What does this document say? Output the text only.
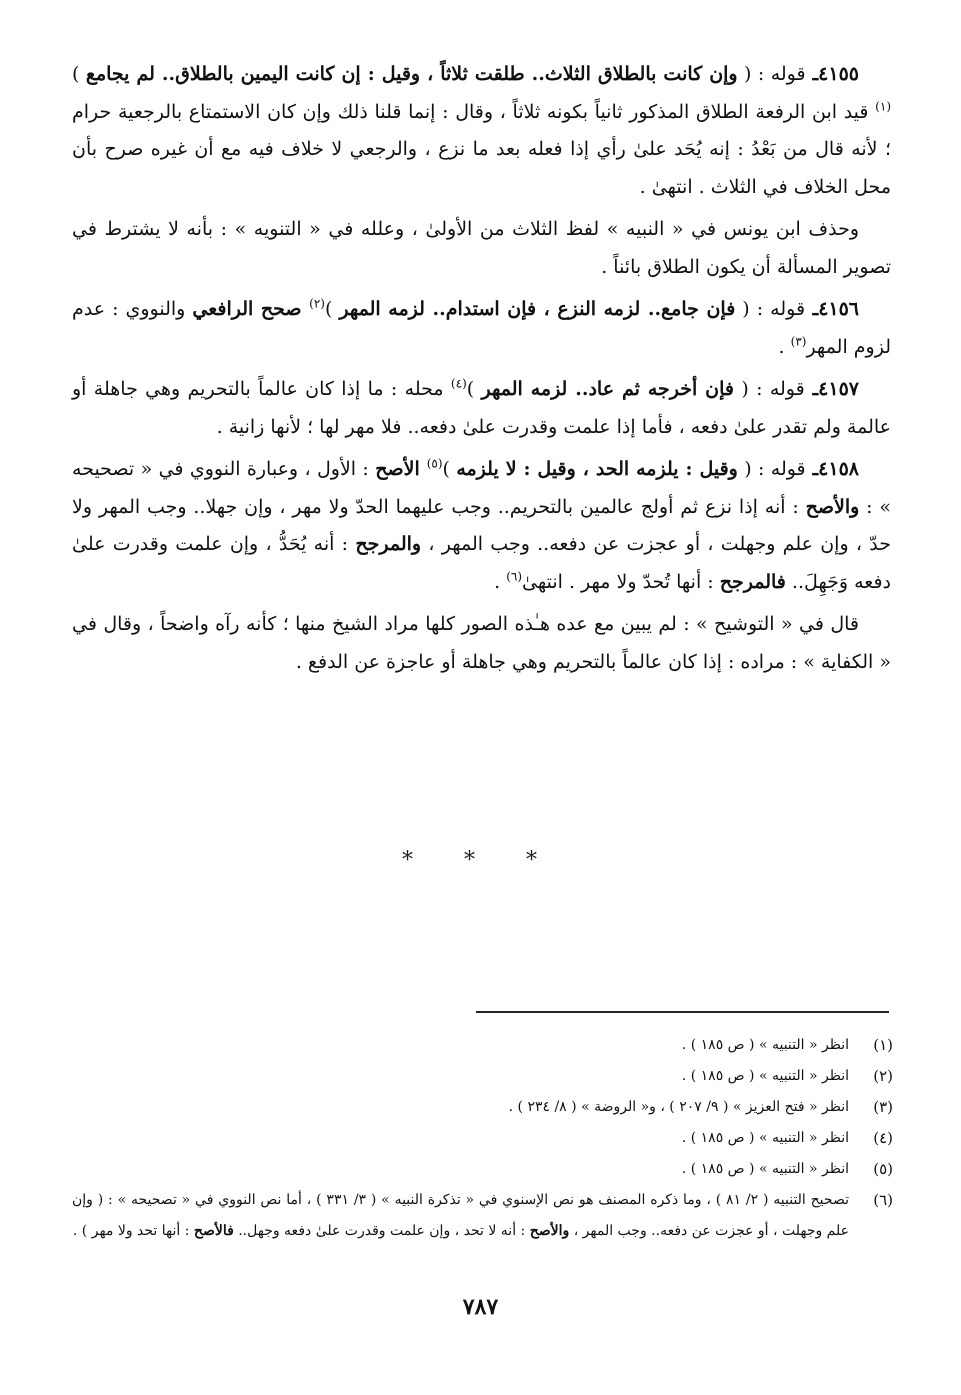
٤١٥٥ـ قوله : ( وإن كانت بالطلاق الثلاث.. طلقت ثلاثاً ، وقيل : إن كانت اليمين بالطلاق.. لم يجامع )$^{(١)}$ قيد ابن الرفعة الطلاق المذكور ثانياً بكونه ثلاثاً ، وقال : إنما قلنا ذلك وإن كان الاستمتاع بالرجعية حرام ؛ لأنه قال من بَعْدُ : إنه يُحَد علىٰ رأي إذا فعله بعد ما نزع ، والرجعي لا خلاف فيه مع أن غيره صرح بأن محل الخلاف في الثلاث . انتهىٰ .

وحذف ابن يونس في « النبيه » لفظ الثلاث من الأولىٰ ، وعلله في « التنويه » : بأنه لا يشترط في تصوير المسألة أن يكون الطلاق بائناً .

٤١٥٦ـ قوله : ( فإن جامع.. لزمه النزع ، فإن استدام.. لزمه المهر )$^{(٢)}$ صحح الرافعي والنووي : عدم لزوم المهر$^{(٣)}$ .

٤١٥٧ـ قوله : ( فإن أخرجه ثم عاد.. لزمه المهر )$^{(٤)}$ محله : ما إذا كان عالماً بالتحريم وهي جاهلة أو عالمة ولم تقدر علىٰ دفعه ، فأما إذا علمت وقدرت علىٰ دفعه.. فلا مهر لها ؛ لأنها زانية .

٤١٥٨ـ قوله : ( وقيل : يلزمه الحد ، وقيل : لا يلزمه )$^{(٥)}$ الأصح : الأول ، وعبارة النووي في « تصحيحه » : والأصح : أنه إذا نزع ثم أولج عالمين بالتحريم.. وجب عليهما الحدّ ولا مهر ، وإن جهلا.. وجب المهر ولا حدّ ، وإن علم وجهلت ، أو عجزت عن دفعه.. وجب المهر ، والمرجح : أنه يُحَدُّ ، وإن علمت وقدرت علىٰ دفعه وَجَهِلَ.. فالمرجح : أنها تُحدّ ولا مهر . انتهىٰ$^{(٦)}$ .

قال في « التوشيح » : لم يبين مع عده هـٰذه الصور كلها مراد الشيخ منها ؛ كأنه رآه واضحاً ، وقال في « الكفاية » : مراده : إذا كان عالماً بالتحريم وهي جاهلة أو عاجزة عن الدفع .

* * *
(١)
انظر « التنبيه » ( ص ١٨٥ ) .
(٢)
انظر « التنبيه » ( ص ١٨٥ ) .
(٣)
انظر « فتح العزيز » ( ٩/ ٢٠٧ ) ، و« الروضة » ( ٨/ ٢٣٤ ) .
(٤)
انظر « التنبيه » ( ص ١٨٥ ) .
(٥)
انظر « التنبيه » ( ص ١٨٥ ) .
(٦)
تصحيح التنبيه ( ٢/ ٨١ ) ، وما ذكره المصنف هو نص الإسنوي في « تذكرة النبيه » ( ٣/ ٣٣١ ) ، أما نص النووي في « تصحيحه » : ( وإن علم وجهلت ، أو عجزت عن دفعه.. وجب المهر ، والأصح : أنه لا تحد ، وإن علمت وقدرت علىٰ دفعه وجهل.. فالأصح : أنها تحد ولا مهر ) .
٧٨٧
